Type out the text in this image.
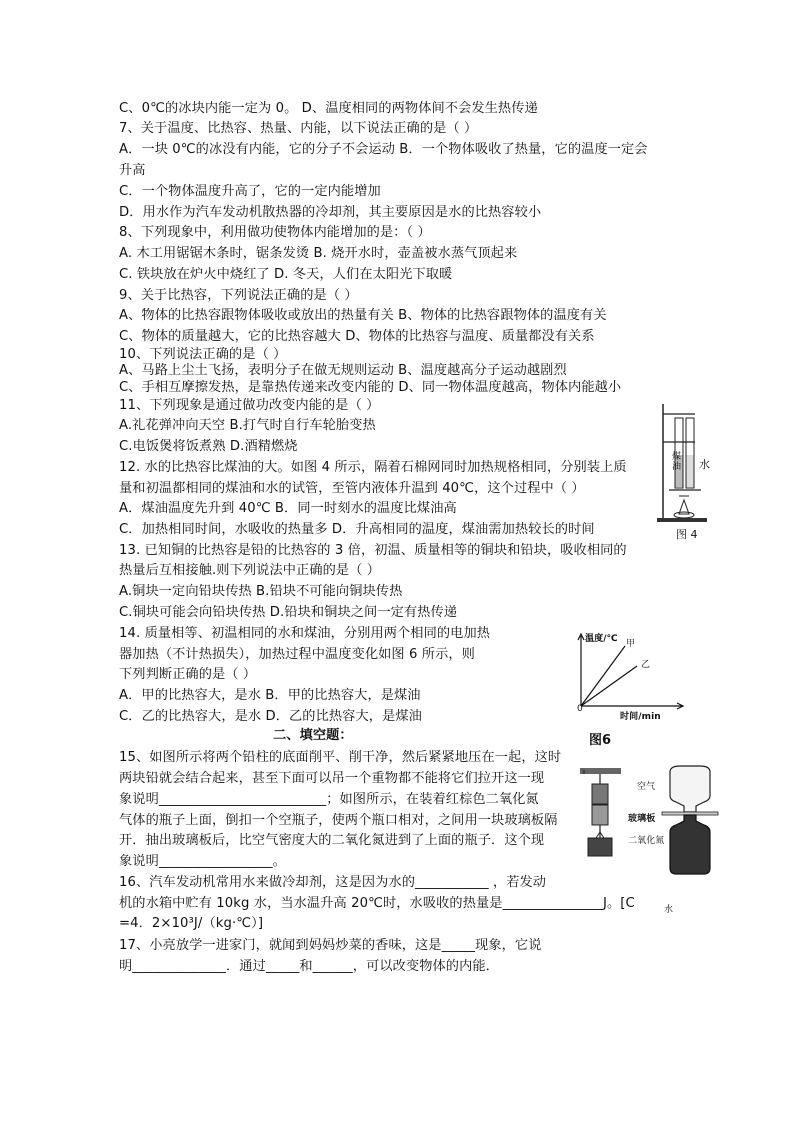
C、0℃的冰块内能一定为 0。 D、温度相同的两物体间不会发生热传递
7、关于温度、比热容、热量、内能，以下说法正确的是（ ）
A．一块 0℃的冰没有内能，它的分子不会运动 B．一个物体吸收了热量，它的温度一定会
升高
C．一个物体温度升高了，它的一定内能增加
D．用水作为汽车发动机散热器的冷却剂，其主要原因是水的比热容较小
8、下列现象中，利用做功使物体内能增加的是：（ ）
A. 木工用锯锯木条时，锯条发烫 B. 烧开水时，壶盖被水蒸气顶起来
C. 铁块放在炉火中烧红了 D. 冬天，人们在太阳光下取暖
9、关于比热容，下列说法正确的是（ ）
A、物体的比热容跟物体吸收或放出的热量有关 B、物体的比热容跟物体的温度有关
C、物体的质量越大，它的比热容越大 D、物体的比热容与温度、质量都没有关系
10、下列说法正确的是（ ）
A、马路上尘土飞扬，表明分子在做无规则运动 B、温度越高分子运动越剧烈
C、手相互摩擦发热，是靠热传递来改变内能的 D、同一物体温度越高，物体内能越小
11、下列现象是通过做功改变内能的是（ ）
A.礼花弹冲向天空 B.打气时自行车轮胎变热
C.电饭煲将饭煮熟 D.酒精燃烧
12. 水的比热容比煤油的大。如图 4 所示，隔着石棉网同时加热规格相同，分别装上质
量和初温都相同的煤油和水的试管，至管内液体升温到 40℃，这个过程中（ ）
A．煤油温度先升到 40℃ B．同一时刻水的温度比煤油高
C．加热相同时间，水吸收的热量多 D．升高相同的温度，煤油需加热较长的时间
13. 已知铜的比热容是铅的比热容的 3 倍，初温、质量相等的铜块和铅块，吸收相同的
热量后互相接触.则下列说法中正确的是（ ）
A.铜块一定向铅块传热 B.铅块不可能向铜块传热
C.铜块可能会向铅块传热 D.铅块和铜块之间一定有热传递
14. 质量相等、初温相同的水和煤油，分别用两个相同的电加热
器加热（不计热损失），加热过程中温度变化如图 6 所示，则
下列判断正确的是（ ）
A．甲的比热容大，是水 B．甲的比热容大，是煤油
C．乙的比热容大，是水 D．乙的比热容大，是煤油
二、填空题：
15、如图所示将两个铅柱的底面削平、削干净，然后紧紧地压在一起，这时
两块铅就会结合起来，甚至下面可以吊一个重物都不能将它们拉开这一现
象说明_________________________；如图所示，在装着红棕色二氧化氮
气体的瓶子上面，倒扣一个空瓶子，使两个瓶口相对，之间用一块玻璃板隔
开．抽出玻璃板后，比空气密度大的二氧化氮进到了上面的瓶子．这个现
象说明_________________。
16、汽车发动机常用水来做冷却剂，这是因为水的___________ ，若发动
机的水箱中贮有 10kg 水，当水温升高 20℃时，水吸收的热量是_______________J。[C	水
=4．2×10³J/（kg·℃）]
17、小亮放学一进家门，就闻到妈妈炒菜的香味，这是_____现象，它说
明______________．通过_____和______，可以改变物体的内能．
煤油 水
图 4
温度/℃ 甲
乙
0
时间/min
图6
空气
玻璃板
二氧化氮
